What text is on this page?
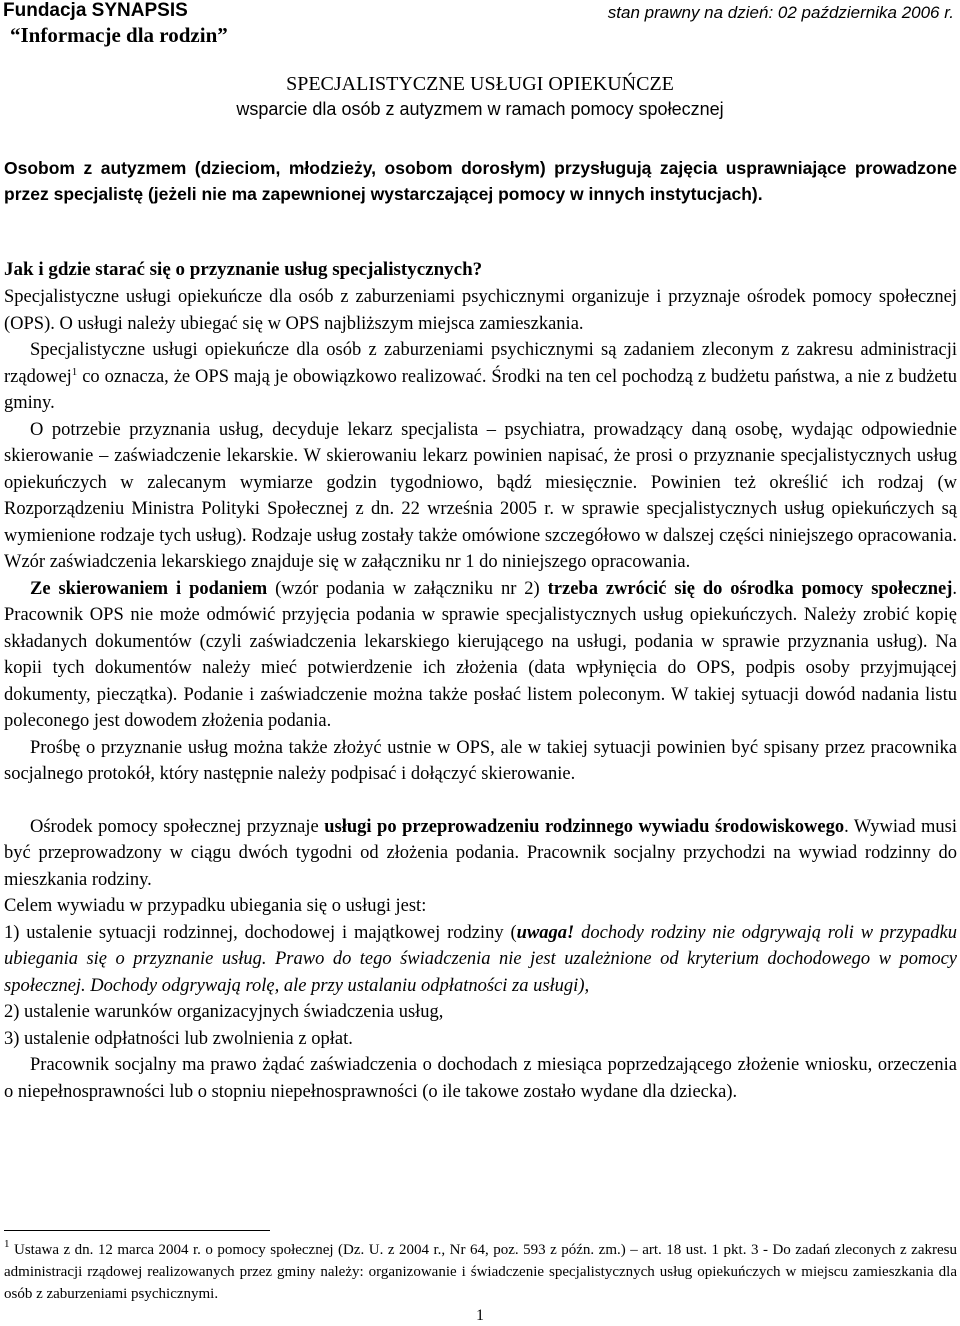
Fundacja SYNAPSIS
“Informacje dla rodzin”
stan prawny na dzień: 02 października 2006 r.
SPECJALISTYCZNE USŁUGI OPIEKUŃCZE
wsparcie dla osób z autyzmem w ramach pomocy społecznej
Osobom z autyzmem (dzieciom, młodzieży, osobom dorosłym) przysługują zajęcia usprawniające prowadzone przez specjalistę (jeżeli nie ma zapewnionej wystarczającej pomocy w innych instytucjach).
Jak i gdzie starać się o przyznanie usług specjalistycznych?

Specjalistyczne usługi opiekuńcze dla osób z zaburzeniami psychicznymi organizuje i przyznaje ośrodek pomocy społecznej (OPS). O usługi należy ubiegać się w OPS najbliższym miejsca zamieszkania.

Specjalistyczne usługi opiekuńcze dla osób z zaburzeniami psychicznymi są zadaniem zleconym z zakresu administracji rządowej$^1$ co oznacza, że OPS mają je obowiązkowo realizować. Środki na ten cel pochodzą z budżetu państwa, a nie z budżetu gminy.

O potrzebie przyznania usług, decyduje lekarz specjalista – psychiatra, prowadzący daną osobę, wydając odpowiednie skierowanie – zaświadczenie lekarskie. W skierowaniu lekarz powinien napisać, że prosi o przyznanie specjalistycznych usług opiekuńczych w zalecanym wymiarze godzin tygodniowo, bądź miesięcznie. Powinien też określić ich rodzaj (w Rozporządzeniu Ministra Polityki Społecznej z dn. 22 września 2005 r. w sprawie specjalistycznych usług opiekuńczych są wymienione rodzaje tych usług). Rodzaje usług zostały także omówione szczegółowo w dalszej części niniejszego opracowania. Wzór zaświadczenia lekarskiego znajduje się w załączniku nr 1 do niniejszego opracowania.

Ze skierowaniem i podaniem (wzór podania w załączniku nr 2) trzeba zwrócić się do ośrodka pomocy społecznej. Pracownik OPS nie może odmówić przyjęcia podania w sprawie specjalistycznych usług opiekuńczych. Należy zrobić kopię składanych dokumentów (czyli zaświadczenia lekarskiego kierującego na usługi, podania w sprawie przyznania usług). Na kopii tych dokumentów należy mieć potwierdzenie ich złożenia (data wpłynięcia do OPS, podpis osoby przyjmującej dokumenty, pieczątka). Podanie i zaświadczenie można także posłać listem poleconym. W takiej sytuacji dowód nadania listu poleconego jest dowodem złożenia podania.

Prośbę o przyznanie usług można także złożyć ustnie w OPS, ale w takiej sytuacji powinien być spisany przez pracownika socjalnego protokół, który następnie należy podpisać i dołączyć skierowanie.

Ośrodek pomocy społecznej przyznaje usługi po przeprowadzeniu rodzinnego wywiadu środowiskowego. Wywiad musi być przeprowadzony w ciągu dwóch tygodni od złożenia podania. Pracownik socjalny przychodzi na wywiad rodzinny do mieszkania rodziny.

Celem wywiadu w przypadku ubiegania się o usługi jest:

1) ustalenie sytuacji rodzinnej, dochodowej i majątkowej rodziny (uwaga! dochody rodziny nie odgrywają roli w przypadku ubiegania się o przyznanie usług. Prawo do tego świadczenia nie jest uzależnione od kryterium dochodowego w pomocy społecznej. Dochody odgrywają rolę, ale przy ustalaniu odpłatności za usługi),

2) ustalenie warunków organizacyjnych świadczenia usług,

3) ustalenie odpłatności lub zwolnienia z opłat.

Pracownik socjalny ma prawo żądać zaświadczenia o dochodach z miesiąca poprzedzającego złożenie wniosku, orzeczenia o niepełnosprawności lub o stopniu niepełnosprawności (o ile takowe zostało wydane dla dziecka).

$^1$ Ustawa z dn. 12 marca 2004 r. o pomocy społecznej (Dz. U. z 2004 r., Nr 64, poz. 593 z późn. zm.) – art. 18 ust. 1 pkt. 3 - Do zadań zleconych z zakresu administracji rządowej realizowanych przez gminy należy: organizowanie i świadczenie specjalistycznych usług opiekuńczych w miejscu zamieszkania dla osób z zaburzeniami psychicznymi.
1
